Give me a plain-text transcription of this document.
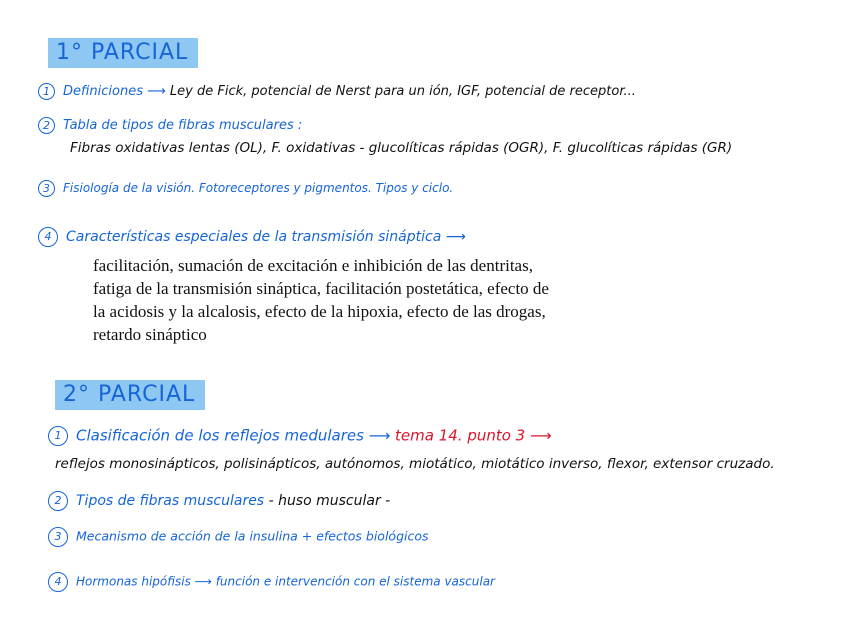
1° PARCIAL
1 Definiciones ⟶ Ley de Fick, potencial de Nerst para un ión, IGF, potencial de receptor...
2 Tabla de tipos de fibras musculares :
Fibras oxidativas lentas (OL), F. oxidativas - glucolíticas rápidas (OGR), F. glucolíticas rápidas (GR)
3 Fisiología de la visión. Fotoreceptores y pigmentos. Tipos y ciclo.
4 Características especiales de la transmisión sináptica ⟶
facilitación, sumación de excitación e inhibición de las dentritas,
fatiga de la transmisión sináptica, facilitación postetática, efecto de
la acidosis y la alcalosis, efecto de la hipoxia, efecto de las drogas,
retardo sináptico
2° PARCIAL
1 Clasificación de los reflejos medulares ⟶ tema 14. punto 3 ⟶
reflejos monosinápticos, polisinápticos, autónomos, miotático, miotático inverso, flexor, extensor cruzado.
2 Tipos de fibras musculares - huso muscular -
3 Mecanismo de acción de la insulina + efectos biológicos
4 Hormonas hipófisis ⟶ función e intervención con el sistema vascular
